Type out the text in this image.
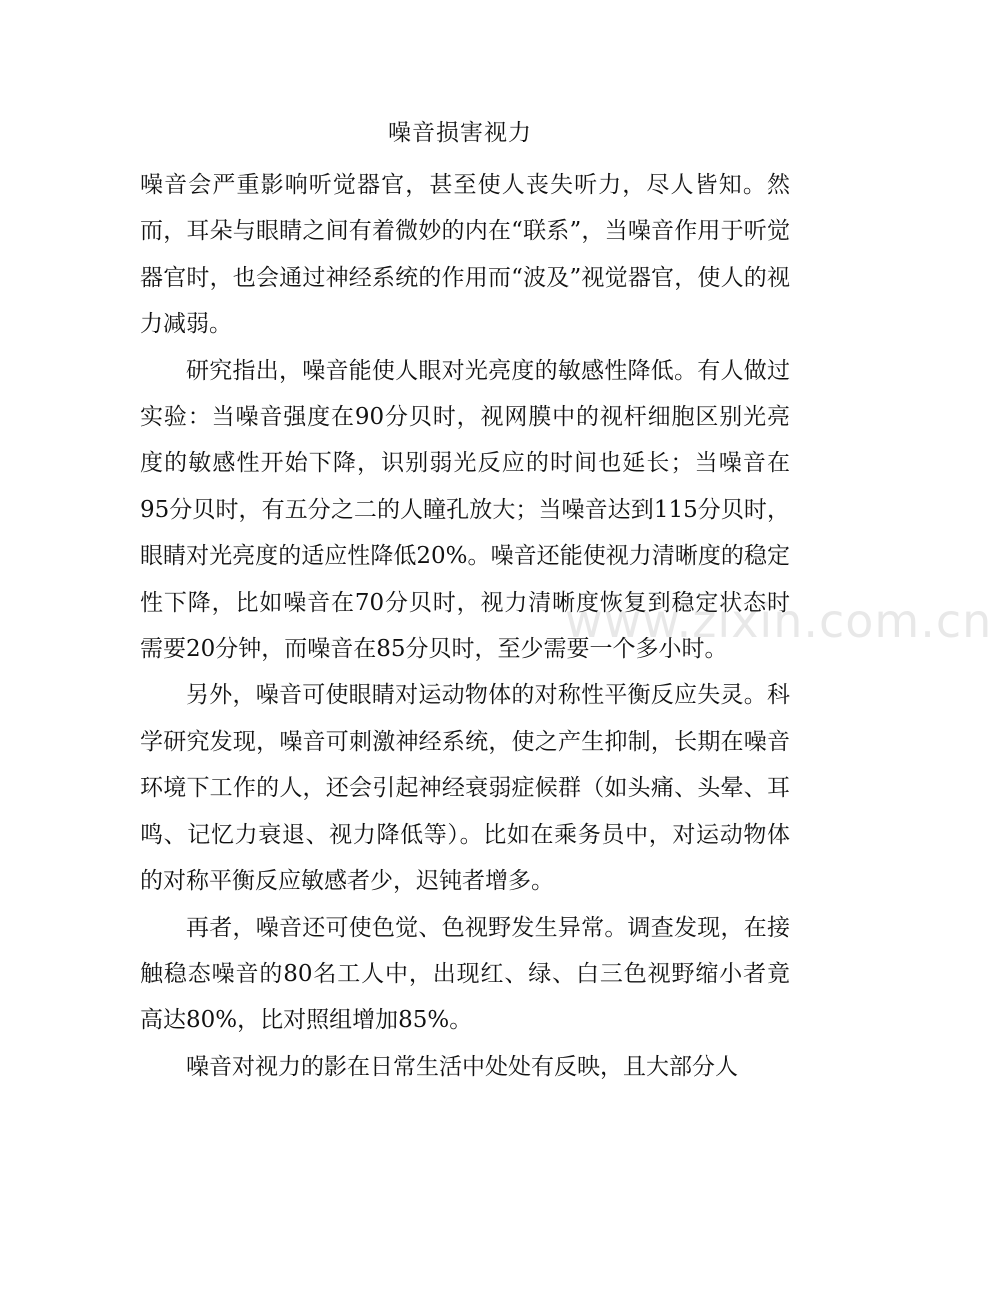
噪音损害视力

噪音会严重影响听觉器官，甚至使人丧失听力，尽人皆知。然而，耳朵与眼睛之间有着微妙的内在“联系”，当噪音作用于听觉器官时，也会通过神经系统的作用而“波及”视觉器官，使人的视力减弱。

研究指出，噪音能使人眼对光亮度的敏感性降低。有人做过实验：当噪音强度在90分贝时，视网膜中的视杆细胞区别光亮度的敏感性开始下降，识别弱光反应的时间也延长；当噪音在95分贝时，有五分之二的人瞳孔放大；当噪音达到115分贝时，眼睛对光亮度的适应性降低20%。噪音还能使视力清晰度的稳定性下降，比如噪音在70分贝时，视力清晰度恢复到稳定状态时需要20分钟，而噪音在85分贝时，至少需要一个多小时。

另外，噪音可使眼睛对运动物体的对称性平衡反应失灵。科学研究发现，噪音可刺激神经系统，使之产生抑制，长期在噪音环境下工作的人，还会引起神经衰弱症候群（如头痛、头晕、耳鸣、记忆力衰退、视力降低等）。比如在乘务员中，对运动物体的对称平衡反应敏感者少，迟钝者增多。

再者，噪音还可使色觉、色视野发生异常。调查发现，在接触稳态噪音的80名工人中，出现红、绿、白三色视野缩小者竟高达80%，比对照组增加85%。

噪音对视力的影在日常生活中处处有反映，且大部分人

www.zixin.com.cn
